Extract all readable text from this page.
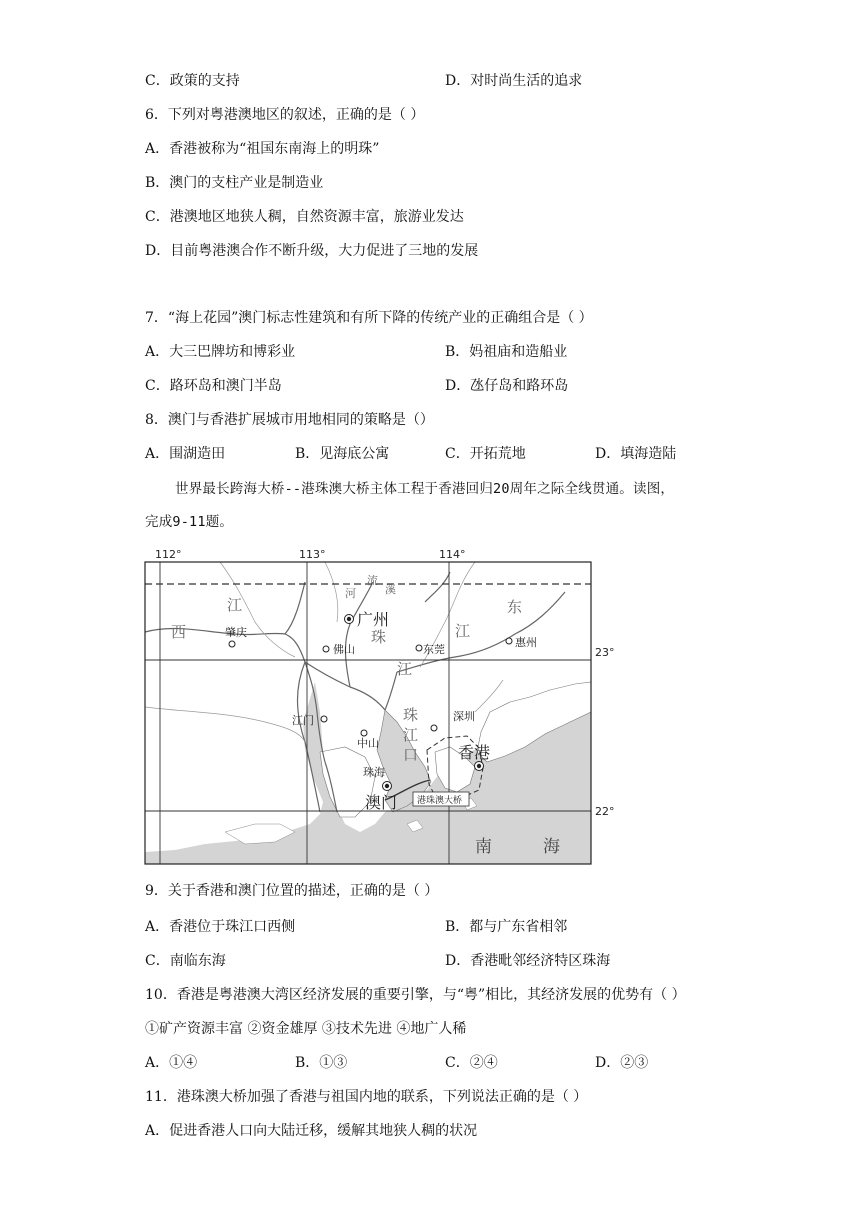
C．政策的支持	D．对时尚生活的追求
6．下列对粤港澳地区的叙述，正确的是（ ）
A．香港被称为“祖国东南海上的明珠”
B．澳门的支柱产业是制造业
C．港澳地区地狭人稠，自然资源丰富，旅游业发达
D．目前粤港澳合作不断升级，大力促进了三地的发展
7．“海上花园”澳门标志性建筑和有所下降的传统产业的正确组合是（ ）
A．大三巴牌坊和博彩业	B．妈祖庙和造船业
C．路环岛和澳门半岛	D．氹仔岛和路环岛
8．澳门与香港扩展城市用地相同的策略是（）
A．围湖造田	B．见海底公寓	C．开拓荒地	D．填海造陆
世界最长跨海大桥--港珠澳大桥主体工程于香港回归20周年之际全线贯通。读图，
完成9-11题。
112°	113°	114°
23°
22°
广州
肇庆
佛山	东莞
惠州
江门
中山
深圳
香港
珠海
澳门
西
江
流
河	溪
珠
江
东
江
珠
江
口
港珠澳大桥
南	海
9．关于香港和澳门位置的描述，正确的是（ ）
A．香港位于珠江口西侧	B．都与广东省相邻
C．南临东海	D．香港毗邻经济特区珠海
10．香港是粤港澳大湾区经济发展的重要引擎，与“粤”相比，其经济发展的优势有（ ）
①矿产资源丰富 ②资金雄厚 ③技术先进 ④地广人稀
A．①④	B．①③	C．②④	D．②③
11．港珠澳大桥加强了香港与祖国内地的联系，下列说法正确的是（ ）
A．促进香港人口向大陆迁移，缓解其地狭人稠的状况
